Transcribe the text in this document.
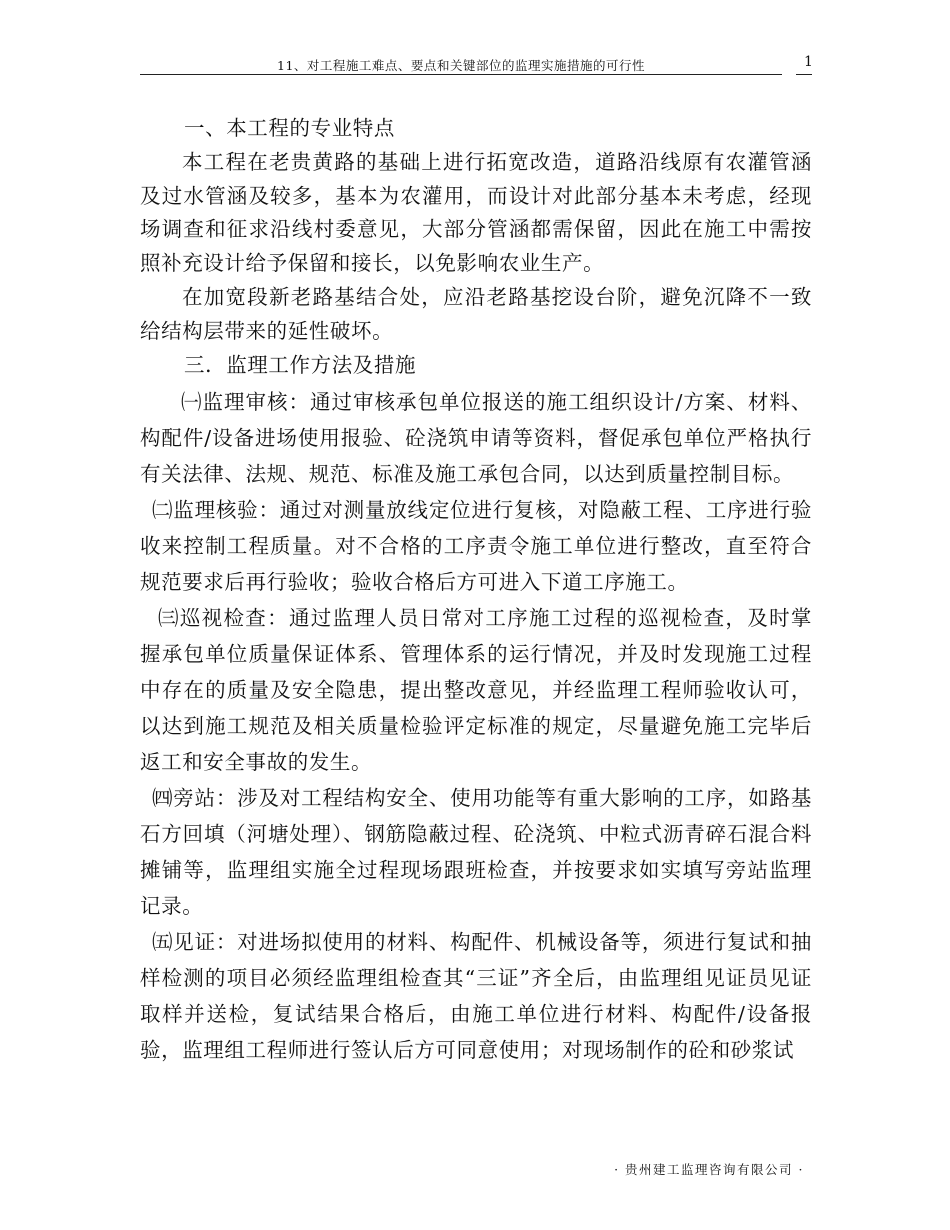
11、对工程施工难点、要点和关键部位的监理实施措施的可行性	1

一、本工程的专业特点

本工程在老贵黄路的基础上进行拓宽改造，道路沿线原有农灌管涵及过水管涵及较多，基本为农灌用，而设计对此部分基本未考虑，经现场调查和征求沿线村委意见，大部分管涵都需保留，因此在施工中需按照补充设计给予保留和接长，以免影响农业生产。

在加宽段新老路基结合处，应沿老路基挖设台阶，避免沉降不一致给结构层带来的延性破坏。

三．监理工作方法及措施

㈠监理审核：通过审核承包单位报送的施工组织设计/方案、材料、构配件/设备进场使用报验、砼浇筑申请等资料，督促承包单位严格执行有关法律、法规、规范、标准及施工承包合同，以达到质量控制目标。

㈡监理核验：通过对测量放线定位进行复核，对隐蔽工程、工序进行验收来控制工程质量。对不合格的工序责令施工单位进行整改，直至符合规范要求后再行验收；验收合格后方可进入下道工序施工。

㈢巡视检查：通过监理人员日常对工序施工过程的巡视检查，及时掌握承包单位质量保证体系、管理体系的运行情况，并及时发现施工过程中存在的质量及安全隐患，提出整改意见，并经监理工程师验收认可，以达到施工规范及相关质量检验评定标准的规定，尽量避免施工完毕后返工和安全事故的发生。

㈣旁站：涉及对工程结构安全、使用功能等有重大影响的工序，如路基石方回填（河塘处理）、钢筋隐蔽过程、砼浇筑、中粒式沥青碎石混合料摊铺等，监理组实施全过程现场跟班检查，并按要求如实填写旁站监理记录。

㈤见证：对进场拟使用的材料、构配件、机械设备等，须进行复试和抽样检测的项目必须经监理组检查其“三证”齐全后，由监理组见证员见证取样并送检，复试结果合格后，由施工单位进行材料、构配件/设备报验，监理组工程师进行签认后方可同意使用；对现场制作的砼和砂浆试

· 贵州建工监理咨询有限公司 ·
